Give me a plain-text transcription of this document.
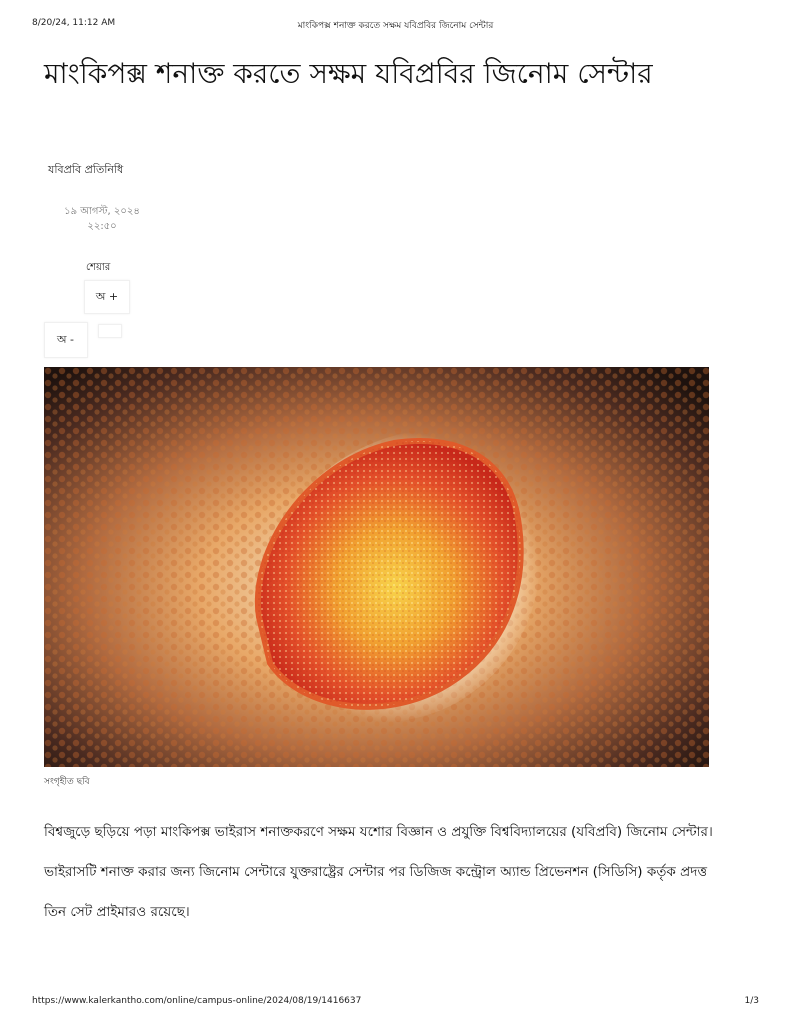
8/20/24, 11:12 AM	মাংকিপক্স শনাক্ত করতে সক্ষম যবিপ্রবির জিনোম সেন্টার
মাংকিপক্স শনাক্ত করতে সক্ষম যবিপ্রবির জিনোম সেন্টার
যবিপ্রবি প্রতিনিধি
১৯ আগস্ট, ২০২৪
২২:৫০
শেয়ার
অ +
অ -
সংগৃহীত ছবি

বিশ্বজুড়ে ছড়িয়ে পড়া মাংকিপক্স ভাইরাস শনাক্তকরণে সক্ষম যশোর বিজ্ঞান ও প্রযুক্তি বিশ্ববিদ্যালয়ের (যবিপ্রবি) জিনোম সেন্টার। ভাইরাসটি শনাক্ত করার জন্য জিনোম সেন্টারে যুক্তরাষ্ট্রের সেন্টার পর ডিজিজ কন্ট্রোল অ্যান্ড প্রিভেনশন (সিডিসি) কর্তৃক প্রদত্ত তিন সেট প্রাইমারও রয়েছে।

https://www.kalerkantho.com/online/campus-online/2024/08/19/1416637	1/3
